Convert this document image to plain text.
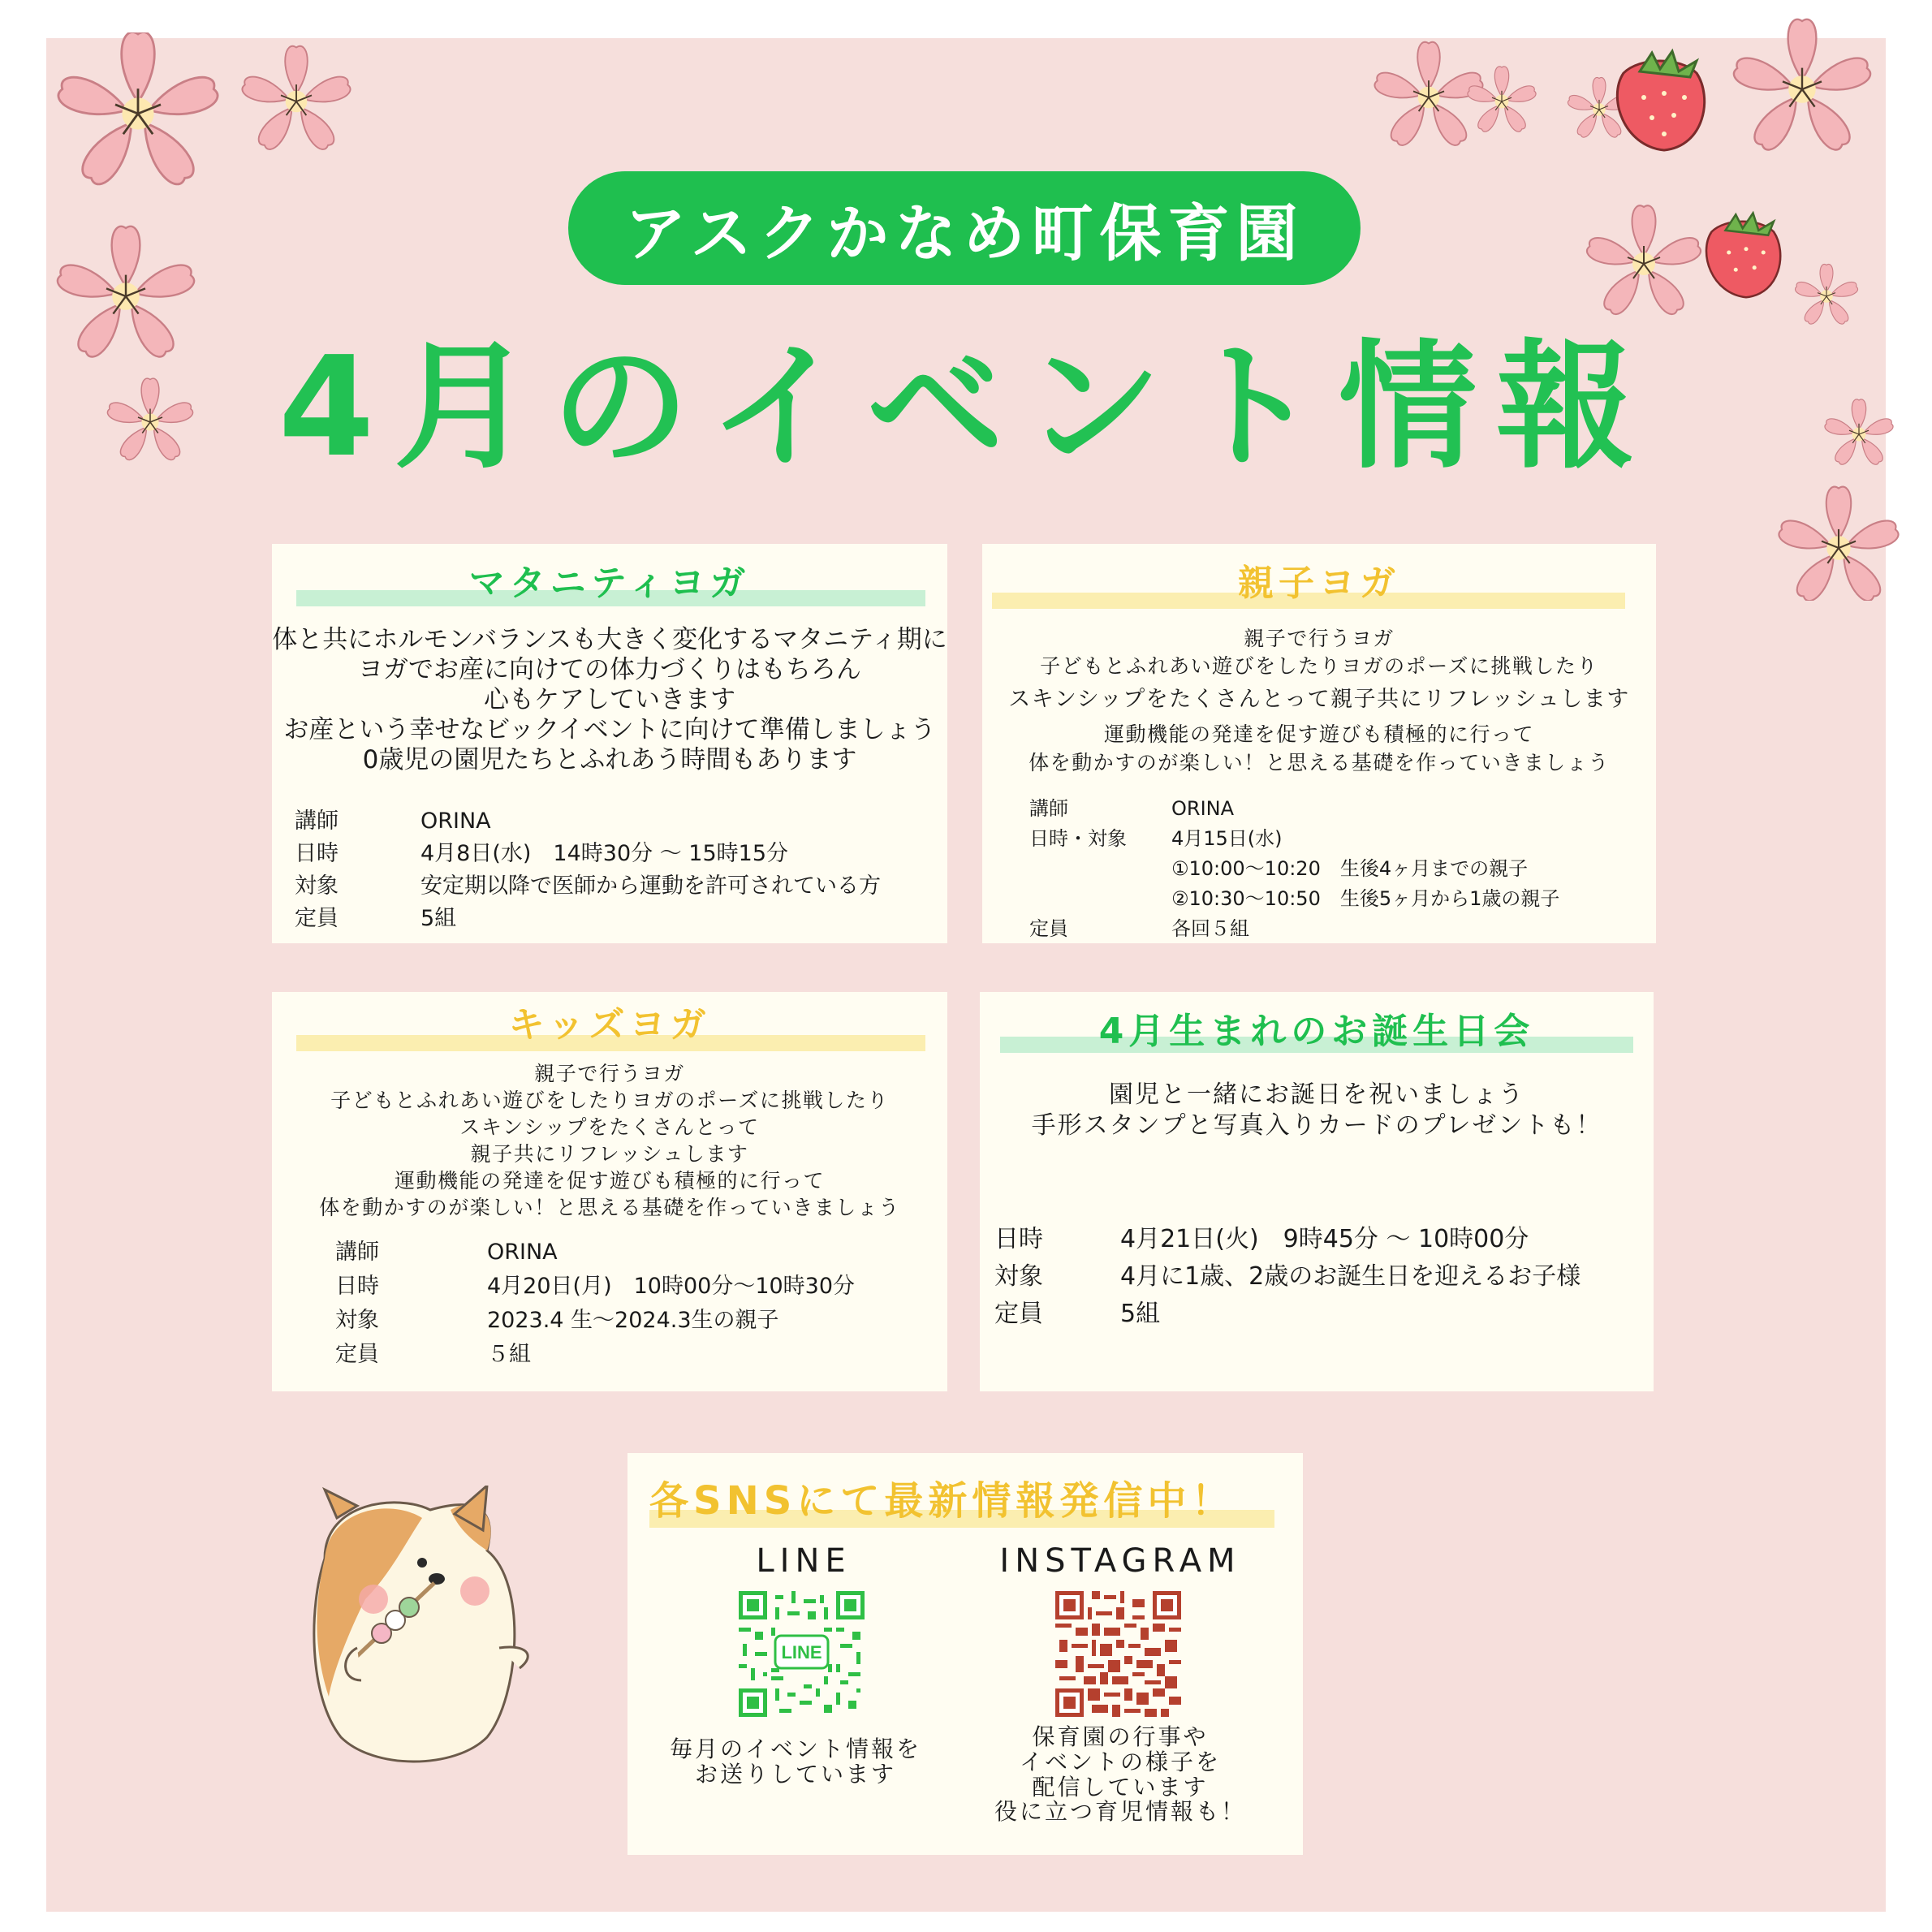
アスクかなめ町保育園
4月のイベント情報
マタニティヨガ
体と共にホルモンバランスも大きく変化するマタニティ期に
ヨガでお産に向けての体力づくりはもちろん
心もケアしていきます
お産という幸せなビックイベントに向けて準備しましょう
0歳児の園児たちとふれあう時間もあります
講師	ORINA
日時	4月8日(水)　14時30分 〜 15時15分
対象	安定期以降で医師から運動を許可されている方
定員	5組
親子ヨガ
親子で行うヨガ
子どもとふれあい遊びをしたりヨガのポーズに挑戦したり
スキンシップをたくさんとって親子共にリフレッシュします
運動機能の発達を促す遊びも積極的に行って
体を動かすのが楽しい！と思える基礎を作っていきましょう
講師	ORINA
日時・対象	4月15日(水)
①10:00〜10:20　生後4ヶ月までの親子
②10:30〜10:50　生後5ヶ月から1歳の親子
定員	各回５組
キッズヨガ
親子で行うヨガ
子どもとふれあい遊びをしたりヨガのポーズに挑戦したり
スキンシップをたくさんとって
親子共にリフレッシュします
運動機能の発達を促す遊びも積極的に行って
体を動かすのが楽しい！と思える基礎を作っていきましょう
講師	ORINA
日時	4月20日(月)　10時00分〜10時30分
対象	2023.4 生〜2024.3生の親子
定員	５組
4月生まれのお誕生日会
園児と一緒にお誕日を祝いましょう
手形スタンプと写真入りカードのプレゼントも！
日時	4月21日(火)　9時45分 〜 10時00分
対象	4月に1歳、2歳のお誕生日を迎えるお子様
定員	5組
各SNSにて最新情報発信中！
LINE	INSTAGRAM
LINE
毎月のイベント情報を
お送りしています
保育園の行事や
イベントの様子を
配信しています
役に立つ育児情報も！
